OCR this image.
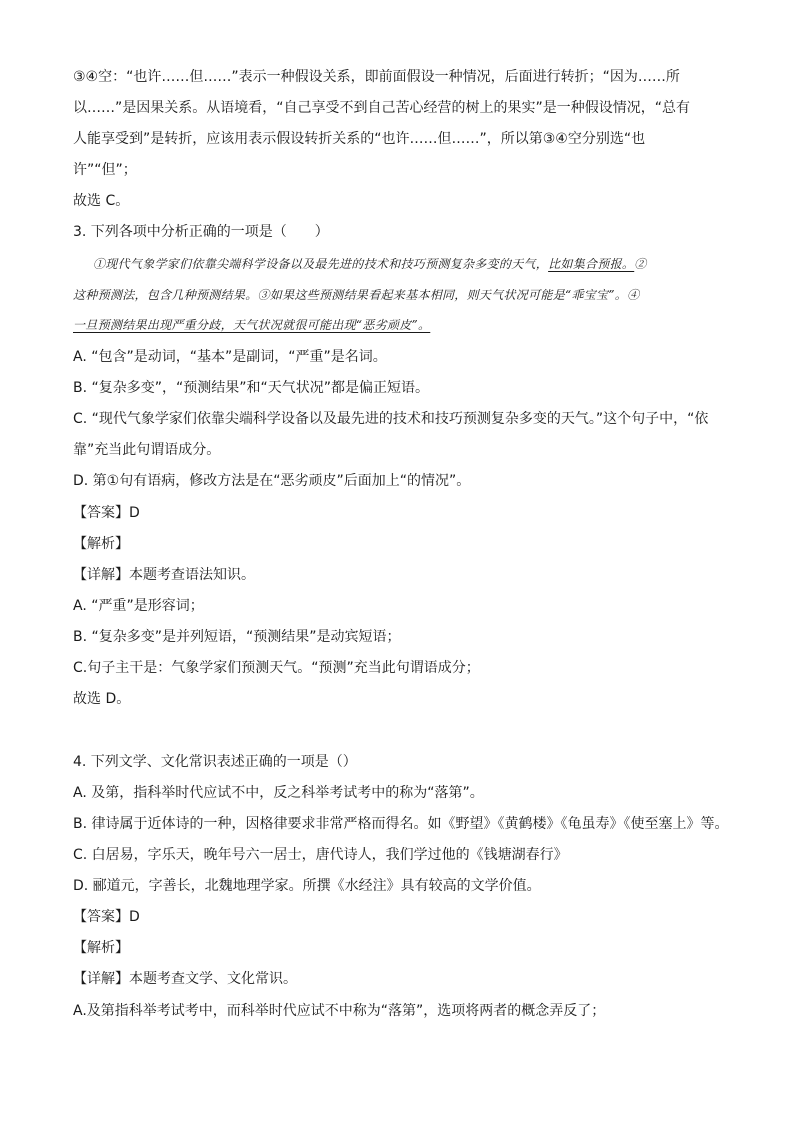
③④空：“也许……但……”表示一种假设关系，即前面假设一种情况，后面进行转折；“因为……所
以……”是因果关系。从语境看，“自己享受不到自己苦心经营的树上的果实”是一种假设情况，“总有
人能享受到”是转折，应该用表示假设转折关系的“也许……但……”，所以第③④空分别选“也
许”“但”；
故选 C。
3. 下列各项中分析正确的一项是（　　）
①现代气象学家们依靠尖端科学设备以及最先进的技术和技巧预测复杂多变的天气，比如集合预报。②
这种预测法，包含几种预测结果。③如果这些预测结果看起来基本相同，则天气状况可能是“乖宝宝”。④
一旦预测结果出现严重分歧，天气状况就很可能出现“恶劣顽皮”。
A. “包含”是动词，“基本”是副词，“严重”是名词。
B. “复杂多变”，“预测结果”和“天气状况”都是偏正短语。
C. “现代气象学家们依靠尖端科学设备以及最先进的技术和技巧预测复杂多变的天气。”这个句子中，“依
靠”充当此句谓语成分。
D. 第①句有语病，修改方法是在“恶劣顽皮”后面加上“的情况”。
【答案】D
【解析】
【详解】本题考查语法知识。
A. “严重”是形容词；
B. “复杂多变”是并列短语，“预测结果”是动宾短语；
C.句子主干是：气象学家们预测天气。“预测”充当此句谓语成分；
故选 D。
4. 下列文学、文化常识表述正确的一项是（）
A. 及第，指科举时代应试不中，反之科举考试考中的称为“落第”。
B. 律诗属于近体诗的一种，因格律要求非常严格而得名。如《野望》《黄鹤楼》《龟虽寿》《使至塞上》等。
C. 白居易，字乐天，晚年号六一居士，唐代诗人，我们学过他的《钱塘湖春行》
D. 郦道元，字善长，北魏地理学家。所撰《水经注》具有较高的文学价值。
【答案】D
【解析】
【详解】本题考查文学、文化常识。
A.及第指科举考试考中，而科举时代应试不中称为“落第”，选项将两者的概念弄反了；
